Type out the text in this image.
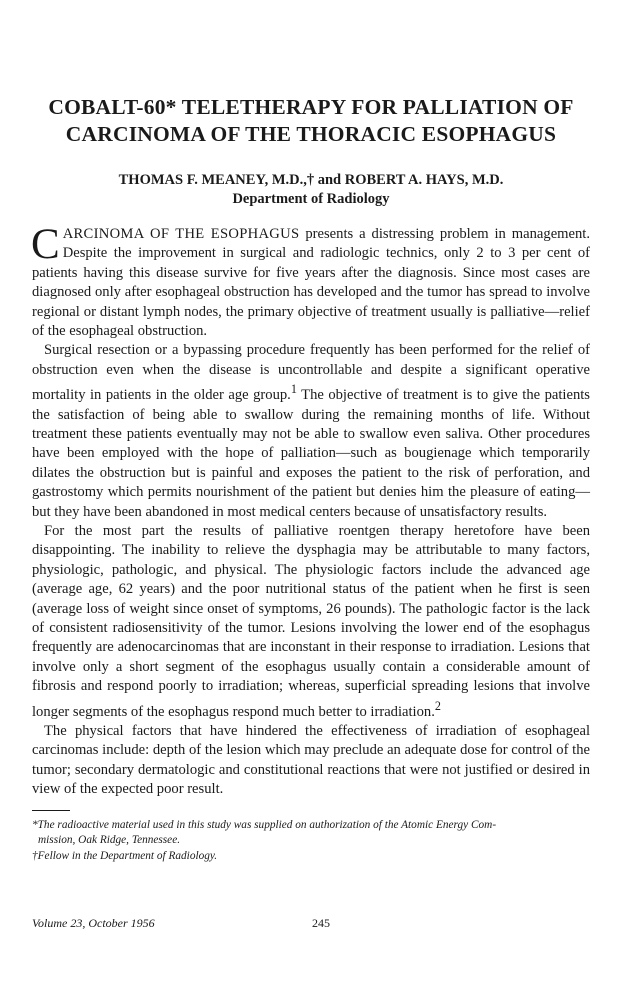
COBALT-60* TELETHERAPY FOR PALLIATION OF
CARCINOMA OF THE THORACIC ESOPHAGUS
THOMAS F. MEANEY, M.D.,† and ROBERT A. HAYS, M.D.
Department of Radiology

CARCINOMA OF THE ESOPHAGUS presents a distressing problem in management. Despite the improvement in surgical and radiologic technics, only 2 to 3 per cent of patients having this disease survive for five years after the diagnosis. Since most cases are diagnosed only after esophageal obstruction has developed and the tumor has spread to involve regional or distant lymph nodes, the primary objective of treatment usually is palliative—relief of the esophageal obstruction.

Surgical resection or a bypassing procedure frequently has been performed for the relief of obstruction even when the disease is uncontrollable and despite a significant operative mortality in patients in the older age group.$^1$ The objective of treatment is to give the patients the satisfaction of being able to swallow during the remaining months of life. Without treatment these patients eventually may not be able to swallow even saliva. Other procedures have been employed with the hope of palliation—such as bougienage which temporarily dilates the obstruction but is painful and exposes the patient to the risk of perforation, and gastrostomy which permits nourishment of the patient but denies him the pleasure of eating—but they have been abandoned in most medical centers because of unsatisfactory results.

For the most part the results of palliative roentgen therapy heretofore have been disappointing. The inability to relieve the dysphagia may be attributable to many factors, physiologic, pathologic, and physical. The physiologic factors include the advanced age (average age, 62 years) and the poor nutritional status of the patient when he first is seen (average loss of weight since onset of symptoms, 26 pounds). The pathologic factor is the lack of consistent radiosensitivity of the tumor. Lesions involving the lower end of the esophagus frequently are adenocarcinomas that are inconstant in their response to irradiation. Lesions that involve only a short segment of the esophagus usually contain a considerable amount of fibrosis and respond poorly to irradiation; whereas, superficial spreading lesions that involve longer segments of the esophagus respond much better to irradiation.$^2$

The physical factors that have hindered the effectiveness of irradiation of esophageal carcinomas include: depth of the lesion which may preclude an adequate dose for control of the tumor; secondary dermatologic and constitutional reactions that were not justified or desired in view of the expected poor result.

*The radioactive material used in this study was supplied on authorization of the Atomic Energy Com-
mission, Oak Ridge, Tennessee.
†Fellow in the Department of Radiology.
Volume 23, October 1956	245
